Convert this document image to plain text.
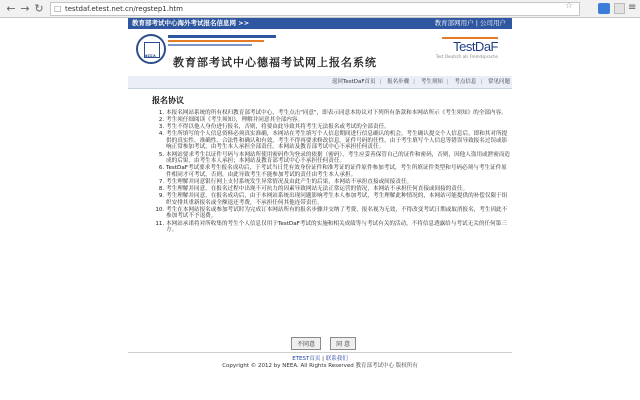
← → ↻ □ testdaf.etest.net.cn/regstep1.htm	☆	≡
教育部考试中心海外考试报名信息网 >>	教育部网用户 | 公司用户
NEEA 教育部考试中心德福考试网上报名系统
TestDaF
Test Deutsch als Fremdsprache
返回TestDaF首页 | 报名步骤 | 考生须知 | 考点信息 | 常见问题
报名协议
1. 本报名网站系统的所有权归教育部考试中心，考生点击"同意"，即表示同意本协议对下列所有条款和本网站所示《考生须知》的全部内容。
2. 考生须仔细阅读《考生须知》，理解并同意其全部内容。
3. 考生不得以他人身份进行报名，否则，将要由此导致其将考生无法报名或考试的全部责任。
4. 考生所填写的个人信息资料必须真实准确，本网站在考生填写个人信息期间进行信息确认的机会，考生确认提交个人信息后，即和其对所提供的真实性、准确性、合法性和确认和有效，考生不得再要求修改信息。证件号码的任性，由于考生填写个人信息等错误导致报名过误或影响正常参加考试，由考生本人承担全部责任。本网站及教育部考试中心不承担任何责任。
5. 本网站要求考生以证件号码与本网站所使用密码作为登录的依据（密码），考生应妥善保管自己的证件和密码，否则，因他人盗用或泄密而造成的后果，由考生本人承担；本网站及教育部考试中心不承担任何责任。
6. TestDaF考试要求考生报名成功后，于考试当日凭有效身份证件和准考证的证件原件参加考试，考生所填证件类型和号码必须与考生证件原件相同才可考试，否则，由此导致考生不能参加考试的责任由考生本人承担。
7. 考生理解并同意银行网上支付系统发生异常情况及由此产生的后果，本网站不承担直接或间接责任。
8. 考生理解并同意，在报名过程中出现不可抗力的因素导致网站无法正常运营的情况，本网站不承担任何直接或间接的责任。
9. 考生理解并同意，在报名成功后，由于本网站系统出现问题影响考生本人参加考试，考生理解此种情况的，本网站可能提供的补偿仅限于组织安排其重新报名或全额退还考费，不承担任何其他连带责任。
10. 考生在本网站报名或参加考试时为完成订本网站所有的报名步骤并交纳了考费，报名视为无效，不得改变考试日期或取消报名，考生因此不参加考试不予退费。
11. 本网站承诺将对所收集的考生个人信息仅用于TestDaF考试的实施和相关成绩等与考试有关的活动，不将信息透露给与考试无关的任何第三方。
不同意	同 意
ETEST首页 | 联系我们
Copyright © 2012 by NEEA. All Rights Reserved 教育部考试中心 版权所有
